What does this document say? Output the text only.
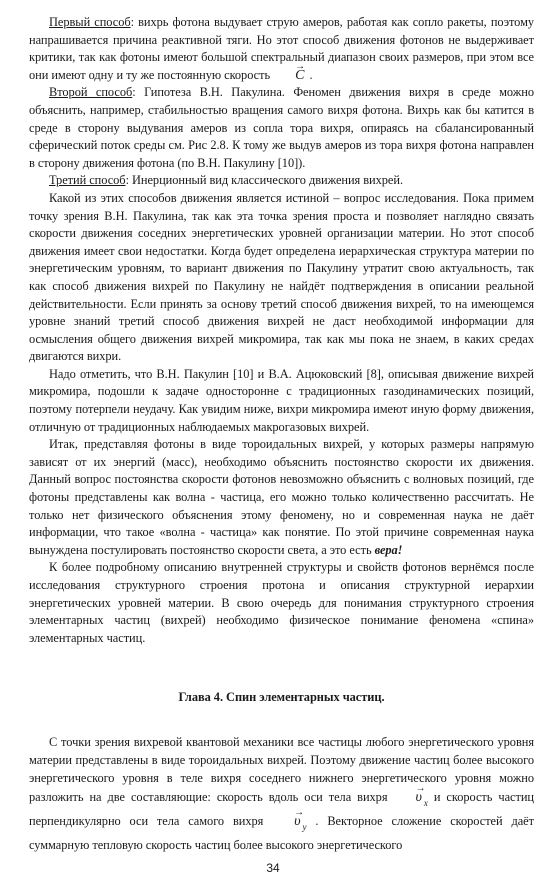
Первый способ: вихрь фотона выдувает струю амеров, работая как сопло ракеты, поэтому напрашивается причина реактивной тяги. Но этот способ движения фотонов не выдерживает критики, так как фотоны имеют большой спектральный диапазон своих размеров, при этом все они имеют одну и ту же постоянную скорость → C .

Второй способ: Гипотеза В.Н. Пакулина. Феномен движения вихря в среде можно объяснить, например, стабильностью вращения самого вихря фотона. Вихрь как бы катится в среде в сторону выдувания амеров из сопла тора вихря, опираясь на сбалансированный сферический поток среды см. Рис 2.8. К тому же выдув амеров из тора вихря фотона направлен в сторону движения фотона (по В.Н. Пакулину [10]).

Третий способ: Инерционный вид классического движения вихрей.

Какой из этих способов движения является истиной – вопрос исследования. Пока примем точку зрения В.Н. Пакулина, так как эта точка зрения проста и позволяет наглядно связать скорости движения соседних энергетических уровней организации материи. Но этот способ движения имеет свои недостатки. Когда будет определена иерархическая структура материи по энергетическим уровням, то вариант движения по Пакулину утратит свою актуальность, так как способ движения вихрей по Пакулину не найдёт подтверждения в описании реальной действительности. Если принять за основу третий способ движения вихрей, то на имеющемся уровне знаний третий способ движения вихрей не даст необходимой информации для осмысления общего движения вихрей микромира, так как мы пока не знаем, в каких средах двигаются вихри.

Надо отметить, что В.Н. Пакулин [10] и В.А. Ацюковский [8], описывая движение вихрей микромира, подошли к задаче одностороннe с традиционных газодинамических позиций, поэтому потерпели неудачу. Как увидим ниже, вихри микромира имеют иную форму движения, отличную от традиционных наблюдаемых макрогазовых вихрей.

Итак, представляя фотоны в виде тороидальных вихрей, у которых размеры напрямую зависят от их энергий (масс), необходимо объяснить постоянство скорости их движения. Данный вопрос постоянства скорости фотонов невозможно объяснить с волновых позиций, где фотоны представлены как волна - частица, его можно только количественно рассчитать. Не только нет физического объяснения этому феномену, но и современная наука не даёт информации, что такое «волна - частица» как понятие. По этой причине современная наука вынуждена постулировать постоянство скорости света, а это есть вера!

К более подробному описанию внутренней структуры и свойств фотонов вернёмся после исследования структурного строения протона и описания структурной иерархии энергетических уровней материи. В свою очередь для понимания структурного строения элементарных частиц (вихрей) необходимо физическое понимание феномена «спина» элементарных частиц.

Глава 4. Спин элементарных частиц.

С точки зрения вихревой квантовой механики все частицы любого энергетического уровня материи представлены в виде тороидальных вихрей. Поэтому движение частиц более высокого энергетического уровня в теле вихря соседнего нижнего энергетического уровня можно разложить на две составляющие: скорость вдоль оси тела вихря → υ $_x$ и скорость частиц перпендикулярно оси тела самого вихря → υ $_y$ . Векторное сложение скоростей даёт суммарную тепловую скорость частиц более высокого энергетического

34
